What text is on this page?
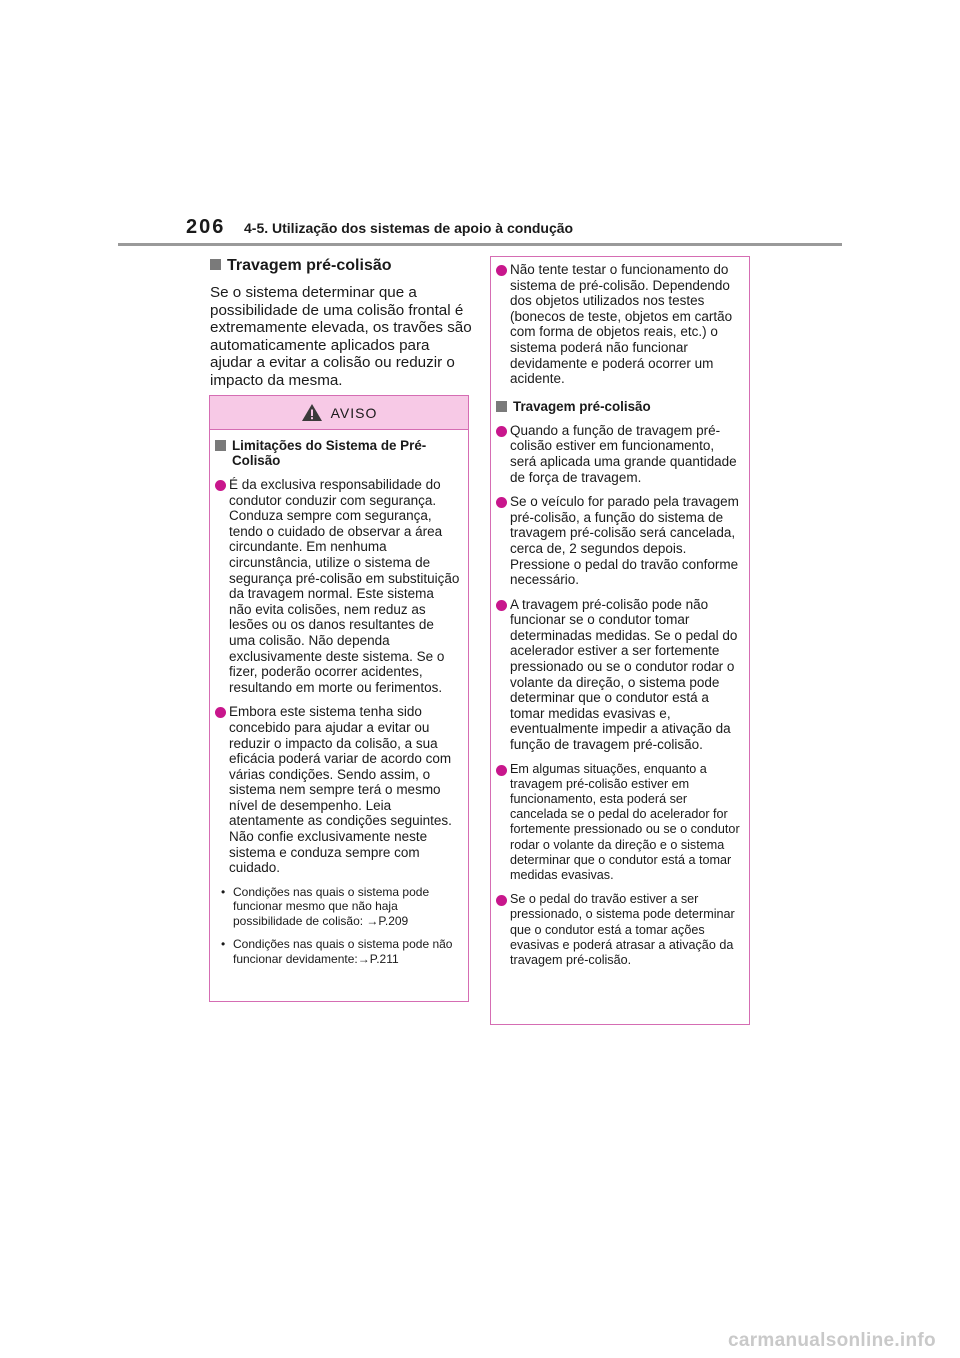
206 4-5. Utilização dos sistemas de apoio à condução
Travagem pré-colisão

Se o sistema determinar que a possibilidade de uma colisão frontal é extremamente elevada, os travões são automaticamente aplicados para ajudar a evitar a colisão ou reduzir o impacto da mesma.

AVISO
Limitações do Sistema de Pré-Colisão
É da exclusiva responsabilidade do condutor conduzir com segurança. Conduza sempre com segurança, tendo o cuidado de observar a área circundante. Em nenhuma circunstância, utilize o sistema de segurança pré-colisão em substituição da travagem normal. Este sistema não evita colisões, nem reduz as lesões ou os danos resultantes de uma colisão. Não dependa exclusivamente deste sistema. Se o fizer, poderão ocorrer acidentes, resultando em morte ou ferimentos.
Embora este sistema tenha sido concebido para ajudar a evitar ou reduzir o impacto da colisão, a sua eficácia poderá variar de acordo com várias condições. Sendo assim, o sistema nem sempre terá o mesmo nível de desempenho. Leia atentamente as condições seguintes. Não confie exclusivamente neste sistema e conduza sempre com cuidado.
• Condições nas quais o sistema pode funcionar mesmo que não haja possibilidade de colisão: →P.209
• Condições nas quais o sistema pode não funcionar devidamente:→P.211
Não tente testar o funcionamento do sistema de pré-colisão. Dependendo dos objetos utilizados nos testes (bonecos de teste, objetos em cartão com forma de objetos reais, etc.) o sistema poderá não funcionar devidamente e poderá ocorrer um acidente.
Travagem pré-colisão
Quando a função de travagem pré-colisão estiver em funcionamento, será aplicada uma grande quantidade de força de travagem.
Se o veículo for parado pela travagem pré-colisão, a função do sistema de travagem pré-colisão será cancelada, cerca de, 2 segundos depois. Pressione o pedal do travão conforme necessário.
A travagem pré-colisão pode não funcionar se o condutor tomar determinadas medidas. Se o pedal do acelerador estiver a ser fortemente pressionado ou se o condutor rodar o volante da direção, o sistema pode determinar que o condutor está a tomar medidas evasivas e, eventualmente impedir a ativação da função de travagem pré-colisão.
Em algumas situações, enquanto a travagem pré-colisão estiver em funcionamento, esta poderá ser cancelada se o pedal do acelerador for fortemente pressionado ou se o condutor rodar o volante da direção e o sistema determinar que o condutor está a tomar medidas evasivas.
Se o pedal do travão estiver a ser pressionado, o sistema pode determinar que o condutor está a tomar ações evasivas e poderá atrasar a ativação da travagem pré-colisão.
carmanualsonline.info
